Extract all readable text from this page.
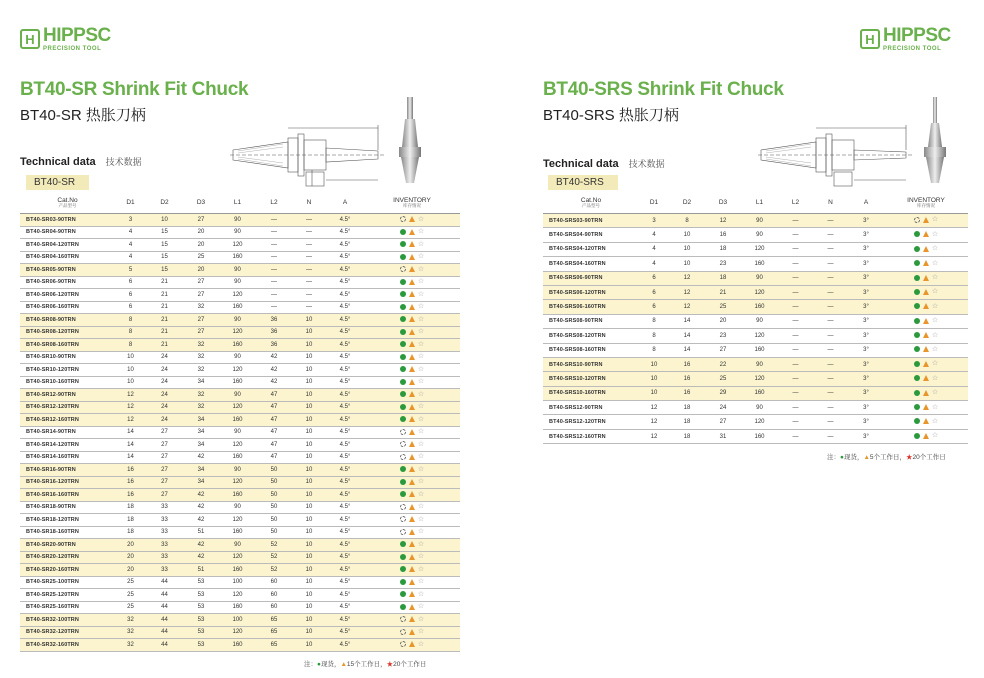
H HIPPSC
PRECISION TOOL
BT40-SR Shrink Fit Chuck
BT40-SR 热胀刀柄
Technical data 技术数据
BT40-SR
Cat.No
产品型号	D1	D2	D3	L1	L2	N	A	INVENTORY
库存情况

BT40-SR03-90TRN	3	10	27	90	—	—	4.5°	☆

BT40-SR04-90TRN	4	15	20	90	—	—	4.5°	☆

BT40-SR04-120TRN	4	15	20	120	—	—	4.5°	☆

BT40-SR04-160TRN	4	15	25	160	—	—	4.5°	☆

BT40-SR05-90TRN	5	15	20	90	—	—	4.5°	☆

BT40-SR06-90TRN	6	21	27	90	—	—	4.5°	☆

BT40-SR06-120TRN	6	21	27	120	—	—	4.5°	☆

BT40-SR06-160TRN	6	21	32	160	—	—	4.5°	☆

BT40-SR08-90TRN	8	21	27	90	36	10	4.5°	☆

BT40-SR08-120TRN	8	21	27	120	36	10	4.5°	☆

BT40-SR08-160TRN	8	21	32	160	36	10	4.5°	☆

BT40-SR10-90TRN	10	24	32	90	42	10	4.5°	☆

BT40-SR10-120TRN	10	24	32	120	42	10	4.5°	☆

BT40-SR10-160TRN	10	24	34	160	42	10	4.5°	☆

BT40-SR12-90TRN	12	24	32	90	47	10	4.5°	☆

BT40-SR12-120TRN	12	24	32	120	47	10	4.5°	☆

BT40-SR12-160TRN	12	24	34	160	47	10	4.5°	☆

BT40-SR14-90TRN	14	27	34	90	47	10	4.5°	☆

BT40-SR14-120TRN	14	27	34	120	47	10	4.5°	☆

BT40-SR14-160TRN	14	27	42	160	47	10	4.5°	☆

BT40-SR16-90TRN	16	27	34	90	50	10	4.5°	☆

BT40-SR16-120TRN	16	27	34	120	50	10	4.5°	☆

BT40-SR16-160TRN	16	27	42	160	50	10	4.5°	☆

BT40-SR18-90TRN	18	33	42	90	50	10	4.5°	☆

BT40-SR18-120TRN	18	33	42	120	50	10	4.5°	☆

BT40-SR18-160TRN	18	33	51	160	50	10	4.5°	☆

BT40-SR20-90TRN	20	33	42	90	52	10	4.5°	☆

BT40-SR20-120TRN	20	33	42	120	52	10	4.5°	☆

BT40-SR20-160TRN	20	33	51	160	52	10	4.5°	☆

BT40-SR25-100TRN	25	44	53	100	60	10	4.5°	☆

BT40-SR25-120TRN	25	44	53	120	60	10	4.5°	☆

BT40-SR25-160TRN	25	44	53	160	60	10	4.5°	☆

BT40-SR32-100TRN	32	44	53	100	65	10	4.5°	☆

BT40-SR32-120TRN	32	44	53	120	65	10	4.5°	☆

BT40-SR32-160TRN	32	44	53	160	65	10	4.5°	☆
注：●现货，▲15个工作日，★20个工作日
H HIPPSC
PRECISION TOOL
BT40-SRS Shrink Fit Chuck
BT40-SRS 热胀刀柄
Technical data 技术数据
BT40-SRS
Cat.No
产品型号	D1	D2	D3	L1	L2	N	A	INVENTORY
库存情况

BT40-SRS03-90TRN	3	8	12	90	—	—	3°	☆

BT40-SRS04-90TRN	4	10	16	90	—	—	3°	☆

BT40-SRS04-120TRN	4	10	18	120	—	—	3°	☆

BT40-SRS04-160TRN	4	10	23	160	—	—	3°	☆

BT40-SRS06-90TRN	6	12	18	90	—	—	3°	☆

BT40-SRS06-120TRN	6	12	21	120	—	—	3°	☆

BT40-SRS06-160TRN	6	12	25	160	—	—	3°	☆

BT40-SRS08-90TRN	8	14	20	90	—	—	3°	☆

BT40-SRS08-120TRN	8	14	23	120	—	—	3°	☆

BT40-SRS08-160TRN	8	14	27	160	—	—	3°	☆

BT40-SRS10-90TRN	10	16	22	90	—	—	3°	☆

BT40-SRS10-120TRN	10	16	25	120	—	—	3°	☆

BT40-SRS10-160TRN	10	16	29	160	—	—	3°	☆

BT40-SRS12-90TRN	12	18	24	90	—	—	3°	☆

BT40-SRS12-120TRN	12	18	27	120	—	—	3°	☆

BT40-SRS12-160TRN	12	18	31	160	—	—	3°	☆
注：●现货，▲5个工作日，★20个工作日
